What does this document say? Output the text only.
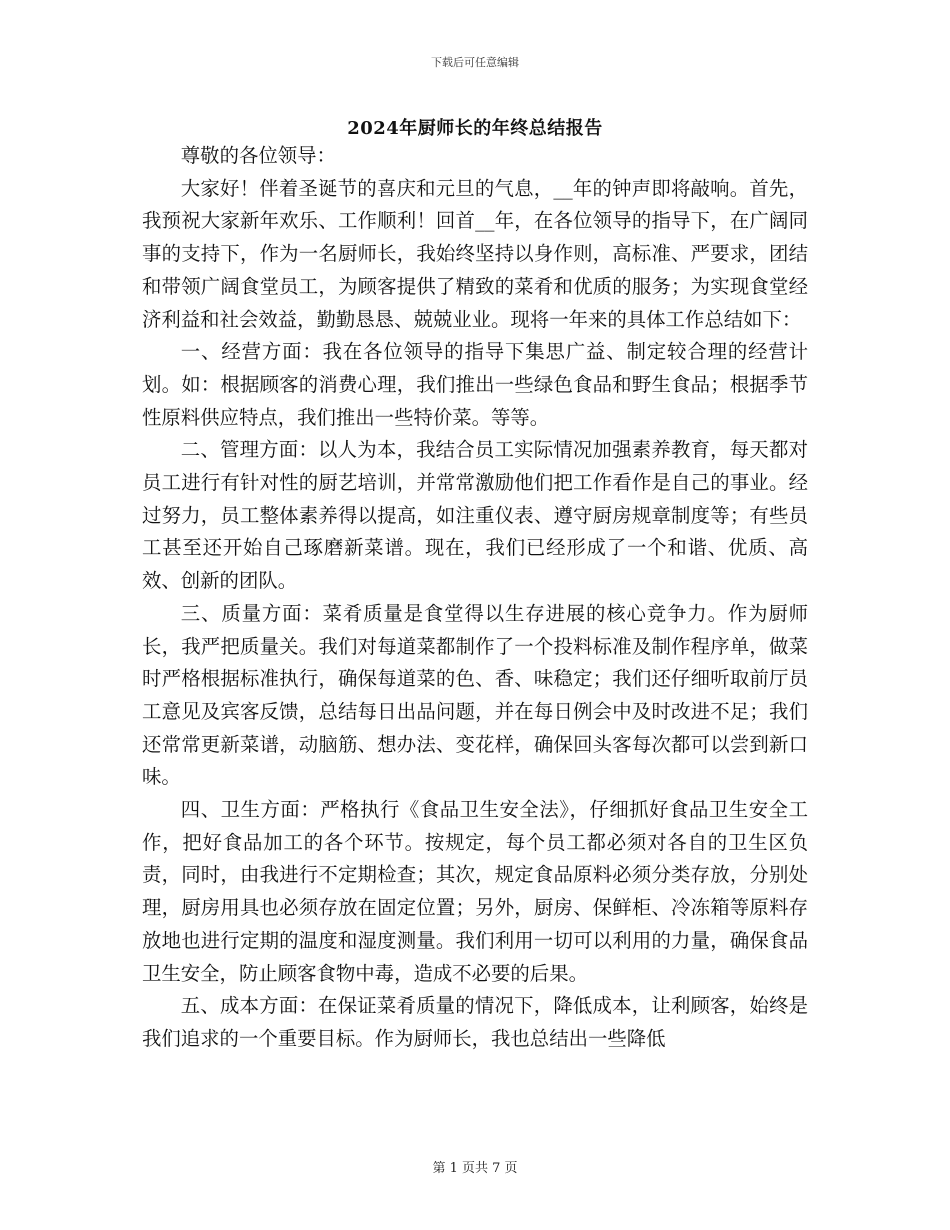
下载后可任意编辑
2024年厨师长的年终总结报告

尊敬的各位领导：

大家好！伴着圣诞节的喜庆和元旦的气息，__年的钟声即将敲响。首先，我预祝大家新年欢乐、工作顺利！回首__年，在各位领导的指导下，在广阔同事的支持下，作为一名厨师长，我始终坚持以身作则，高标准、严要求，团结和带领广阔食堂员工，为顾客提供了精致的菜肴和优质的服务；为实现食堂经济利益和社会效益，勤勤恳恳、兢兢业业。现将一年来的具体工作总结如下：

一、经营方面：我在各位领导的指导下集思广益、制定较合理的经营计划。如：根据顾客的消费心理，我们推出一些绿色食品和野生食品；根据季节性原料供应特点，我们推出一些特价菜。等等。

二、管理方面：以人为本，我结合员工实际情况加强素养教育，每天都对员工进行有针对性的厨艺培训，并常常激励他们把工作看作是自己的事业。经过努力，员工整体素养得以提高，如注重仪表、遵守厨房规章制度等；有些员工甚至还开始自己琢磨新菜谱。现在，我们已经形成了一个和谐、优质、高效、创新的团队。

三、质量方面：菜肴质量是食堂得以生存进展的核心竞争力。作为厨师长，我严把质量关。我们对每道菜都制作了一个投料标准及制作程序单，做菜时严格根据标准执行，确保每道菜的色、香、味稳定；我们还仔细听取前厅员工意见及宾客反馈，总结每日出品问题，并在每日例会中及时改进不足；我们还常常更新菜谱，动脑筋、想办法、变花样，确保回头客每次都可以尝到新口味。

四、卫生方面：严格执行《食品卫生安全法》，仔细抓好食品卫生安全工作，把好食品加工的各个环节。按规定，每个员工都必须对各自的卫生区负责，同时，由我进行不定期检查；其次，规定食品原料必须分类存放，分别处理，厨房用具也必须存放在固定位置；另外，厨房、保鲜柜、冷冻箱等原料存放地也进行定期的温度和湿度测量。我们利用一切可以利用的力量，确保食品卫生安全，防止顾客食物中毒，造成不必要的后果。

五、成本方面：在保证菜肴质量的情况下，降低成本，让利顾客，始终是我们追求的一个重要目标。作为厨师长，我也总结出一些降低

第 1 页共 7 页
